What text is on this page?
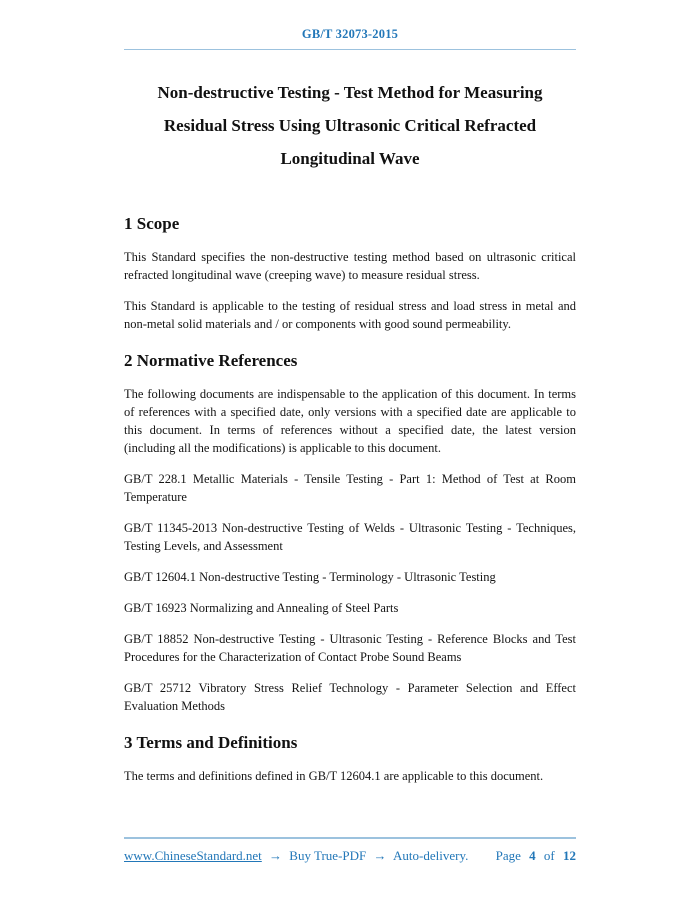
GB/T 32073-2015
Non-destructive Testing - Test Method for Measuring
Residual Stress Using Ultrasonic Critical Refracted
Longitudinal Wave
1 Scope

This Standard specifies the non-destructive testing method based on ultrasonic critical refracted longitudinal wave (creeping wave) to measure residual stress.

This Standard is applicable to the testing of residual stress and load stress in metal and non-metal solid materials and / or components with good sound permeability.

2 Normative References

The following documents are indispensable to the application of this document. In terms of references with a specified date, only versions with a specified date are applicable to this document. In terms of references without a specified date, the latest version (including all the modifications) is applicable to this document.

GB/T 228.1 Metallic Materials - Tensile Testing - Part 1: Method of Test at Room Temperature

GB/T 11345-2013 Non-destructive Testing of Welds - Ultrasonic Testing - Techniques, Testing Levels, and Assessment

GB/T 12604.1 Non-destructive Testing - Terminology - Ultrasonic Testing

GB/T 16923 Normalizing and Annealing of Steel Parts

GB/T 18852 Non-destructive Testing - Ultrasonic Testing - Reference Blocks and Test Procedures for the Characterization of Contact Probe Sound Beams

GB/T 25712 Vibratory Stress Relief Technology - Parameter Selection and Effect Evaluation Methods

3 Terms and Definitions

The terms and definitions defined in GB/T 12604.1 are applicable to this document.

www.ChineseStandard.net → Buy True-PDF → Auto-delivery.	Page 4 of 12
